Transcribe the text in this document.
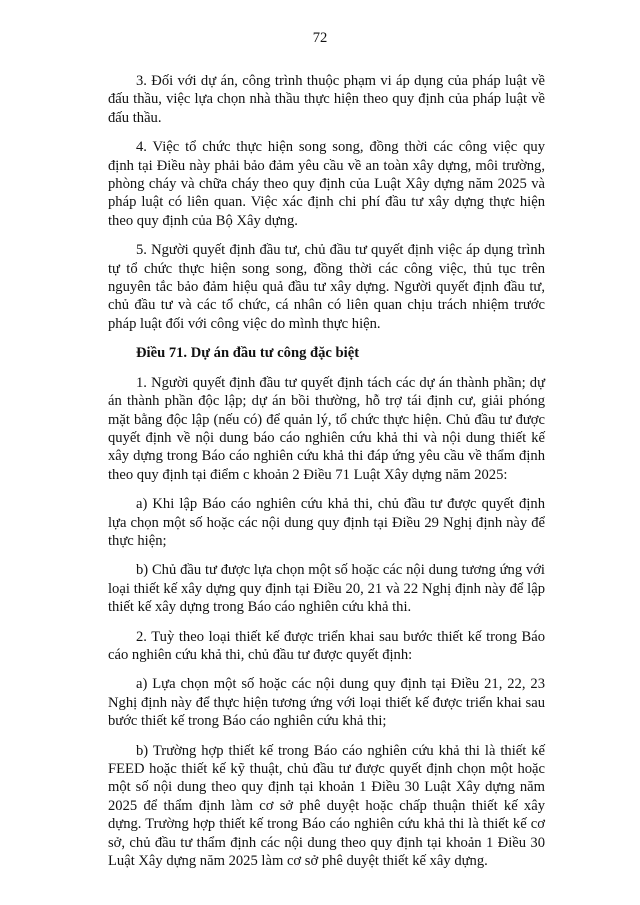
72

3. Đối với dự án, công trình thuộc phạm vi áp dụng của pháp luật về đấu thầu, việc lựa chọn nhà thầu thực hiện theo quy định của pháp luật về đấu thầu.

4. Việc tổ chức thực hiện song song, đồng thời các công việc quy định tại Điều này phải bảo đảm yêu cầu về an toàn xây dựng, môi trường, phòng cháy và chữa cháy theo quy định của Luật Xây dựng năm 2025 và pháp luật có liên quan. Việc xác định chi phí đầu tư xây dựng thực hiện theo quy định của Bộ Xây dựng.

5. Người quyết định đầu tư, chủ đầu tư quyết định việc áp dụng trình tự tổ chức thực hiện song song, đồng thời các công việc, thủ tục trên nguyên tắc bảo đảm hiệu quả đầu tư xây dựng. Người quyết định đầu tư, chủ đầu tư và các tổ chức, cá nhân có liên quan chịu trách nhiệm trước pháp luật đối với công việc do mình thực hiện.

Điều 71. Dự án đầu tư công đặc biệt

1. Người quyết định đầu tư quyết định tách các dự án thành phần; dự án thành phần độc lập; dự án bồi thường, hỗ trợ tái định cư, giải phóng mặt bằng độc lập (nếu có) để quản lý, tổ chức thực hiện. Chủ đầu tư được quyết định về nội dung báo cáo nghiên cứu khả thi và nội dung thiết kế xây dựng trong Báo cáo nghiên cứu khả thi đáp ứng yêu cầu về thẩm định theo quy định tại điểm c khoản 2 Điều 71 Luật Xây dựng năm 2025:

a) Khi lập Báo cáo nghiên cứu khả thi, chủ đầu tư được quyết định lựa chọn một số hoặc các nội dung quy định tại Điều 29 Nghị định này để thực hiện;

b) Chủ đầu tư được lựa chọn một số hoặc các nội dung tương ứng với loại thiết kế xây dựng quy định tại Điều 20, 21 và 22 Nghị định này để lập thiết kế xây dựng trong Báo cáo nghiên cứu khả thi.

2. Tuỳ theo loại thiết kế được triển khai sau bước thiết kế trong Báo cáo nghiên cứu khả thi, chủ đầu tư được quyết định:

a) Lựa chọn một số hoặc các nội dung quy định tại Điều 21, 22, 23 Nghị định này để thực hiện tương ứng với loại thiết kế được triển khai sau bước thiết kế trong Báo cáo nghiên cứu khả thi;

b) Trường hợp thiết kế trong Báo cáo nghiên cứu khả thi là thiết kế FEED hoặc thiết kế kỹ thuật, chủ đầu tư được quyết định chọn một hoặc một số nội dung theo quy định tại khoản 1 Điều 30 Luật Xây dựng năm 2025 để thẩm định làm cơ sở phê duyệt hoặc chấp thuận thiết kế xây dựng. Trường hợp thiết kế trong Báo cáo nghiên cứu khả thi là thiết kế cơ sở, chủ đầu tư thẩm định các nội dung theo quy định tại khoản 1 Điều 30 Luật Xây dựng năm 2025 làm cơ sở phê duyệt thiết kế xây dựng.
